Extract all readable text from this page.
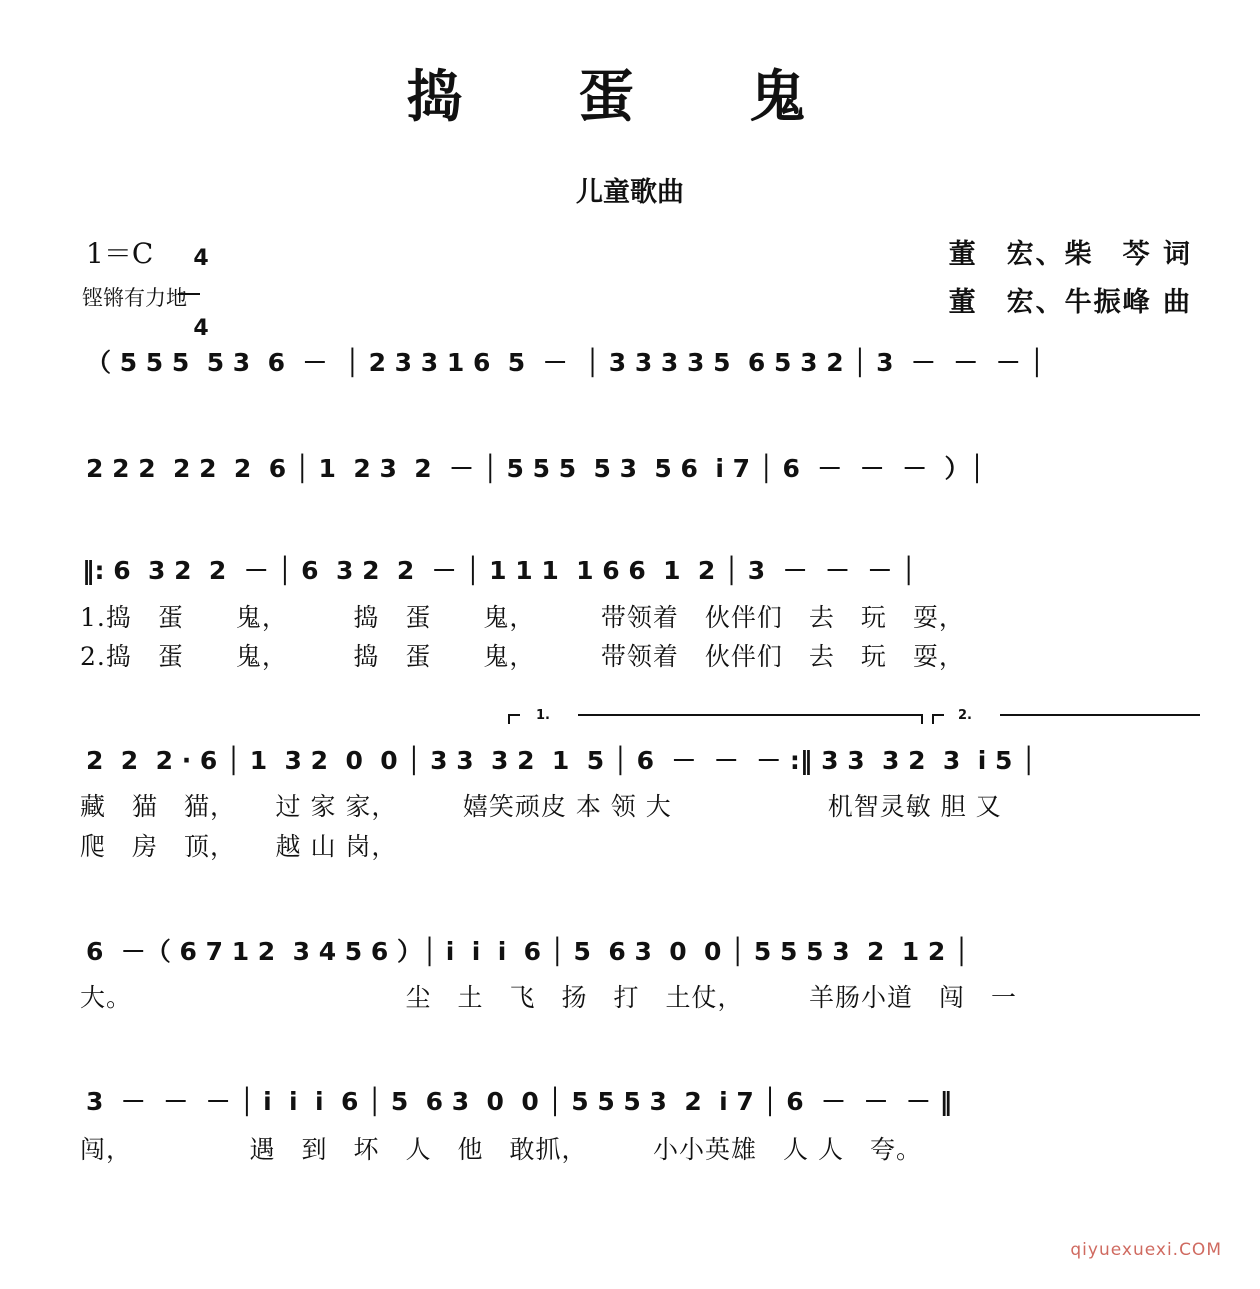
捣 蛋 鬼
儿童歌曲
1＝C	4

4

铿锵有力地
董　宏、柴　芩 词
董　宏、牛振峰 曲
（ 5 5 5  5 3  6  －  │ 2 3 3 1 6  5  －  │ 3 3 3 3 5  6 5 3 2 │ 3  －  －  － │
2 2 2  2 2  2  6 │ 1  2 3  2  － │ 5 5 5  5 3  5 6  i 7 │ 6  －  －  －  ）│
‖: 6  3 2  2  － │ 6  3 2  2  － │ 1 1 1  1 6 6  1  2 │ 3  －  －  － │
1.捣　蛋　　鬼，　　　捣　蛋　　鬼，　　　带领着　伙伴们　去　玩　耍，
2.捣　蛋　　鬼，　　　捣　蛋　　鬼，　　　带领着　伙伴们　去　玩　耍，
1.	2.
2  2  2 · 6 │ 1  3 2  0  0 │ 3 3  3 2  1  5 │ 6  －  －  － :‖ 3 3  3 2  3  i 5 │
藏　猫　猫，　　过 家 家，　　　嬉笑顽皮 本 领 大　　　　　　机智灵敏 胆 又
爬　房　顶，　　越 山 岗，
6  －（ 6 7 1 2  3 4 5 6 ）│ i  i  i  6 │ 5  6 3  0  0 │ 5 5 5 3  2  1 2 │
大。　　　　　　　　　　　尘　土　飞　扬　打　土仗，　　　羊肠小道　闯　一
3  －  －  － │ i  i  i  6 │ 5  6 3  0  0 │ 5 5 5 3  2  i 7 │ 6  －  －  － ‖
闯，　　　　　遇　到　坏　人　他　敢抓，　　　小小英雄　人 人　夸。
qiyuexuexi.COM
